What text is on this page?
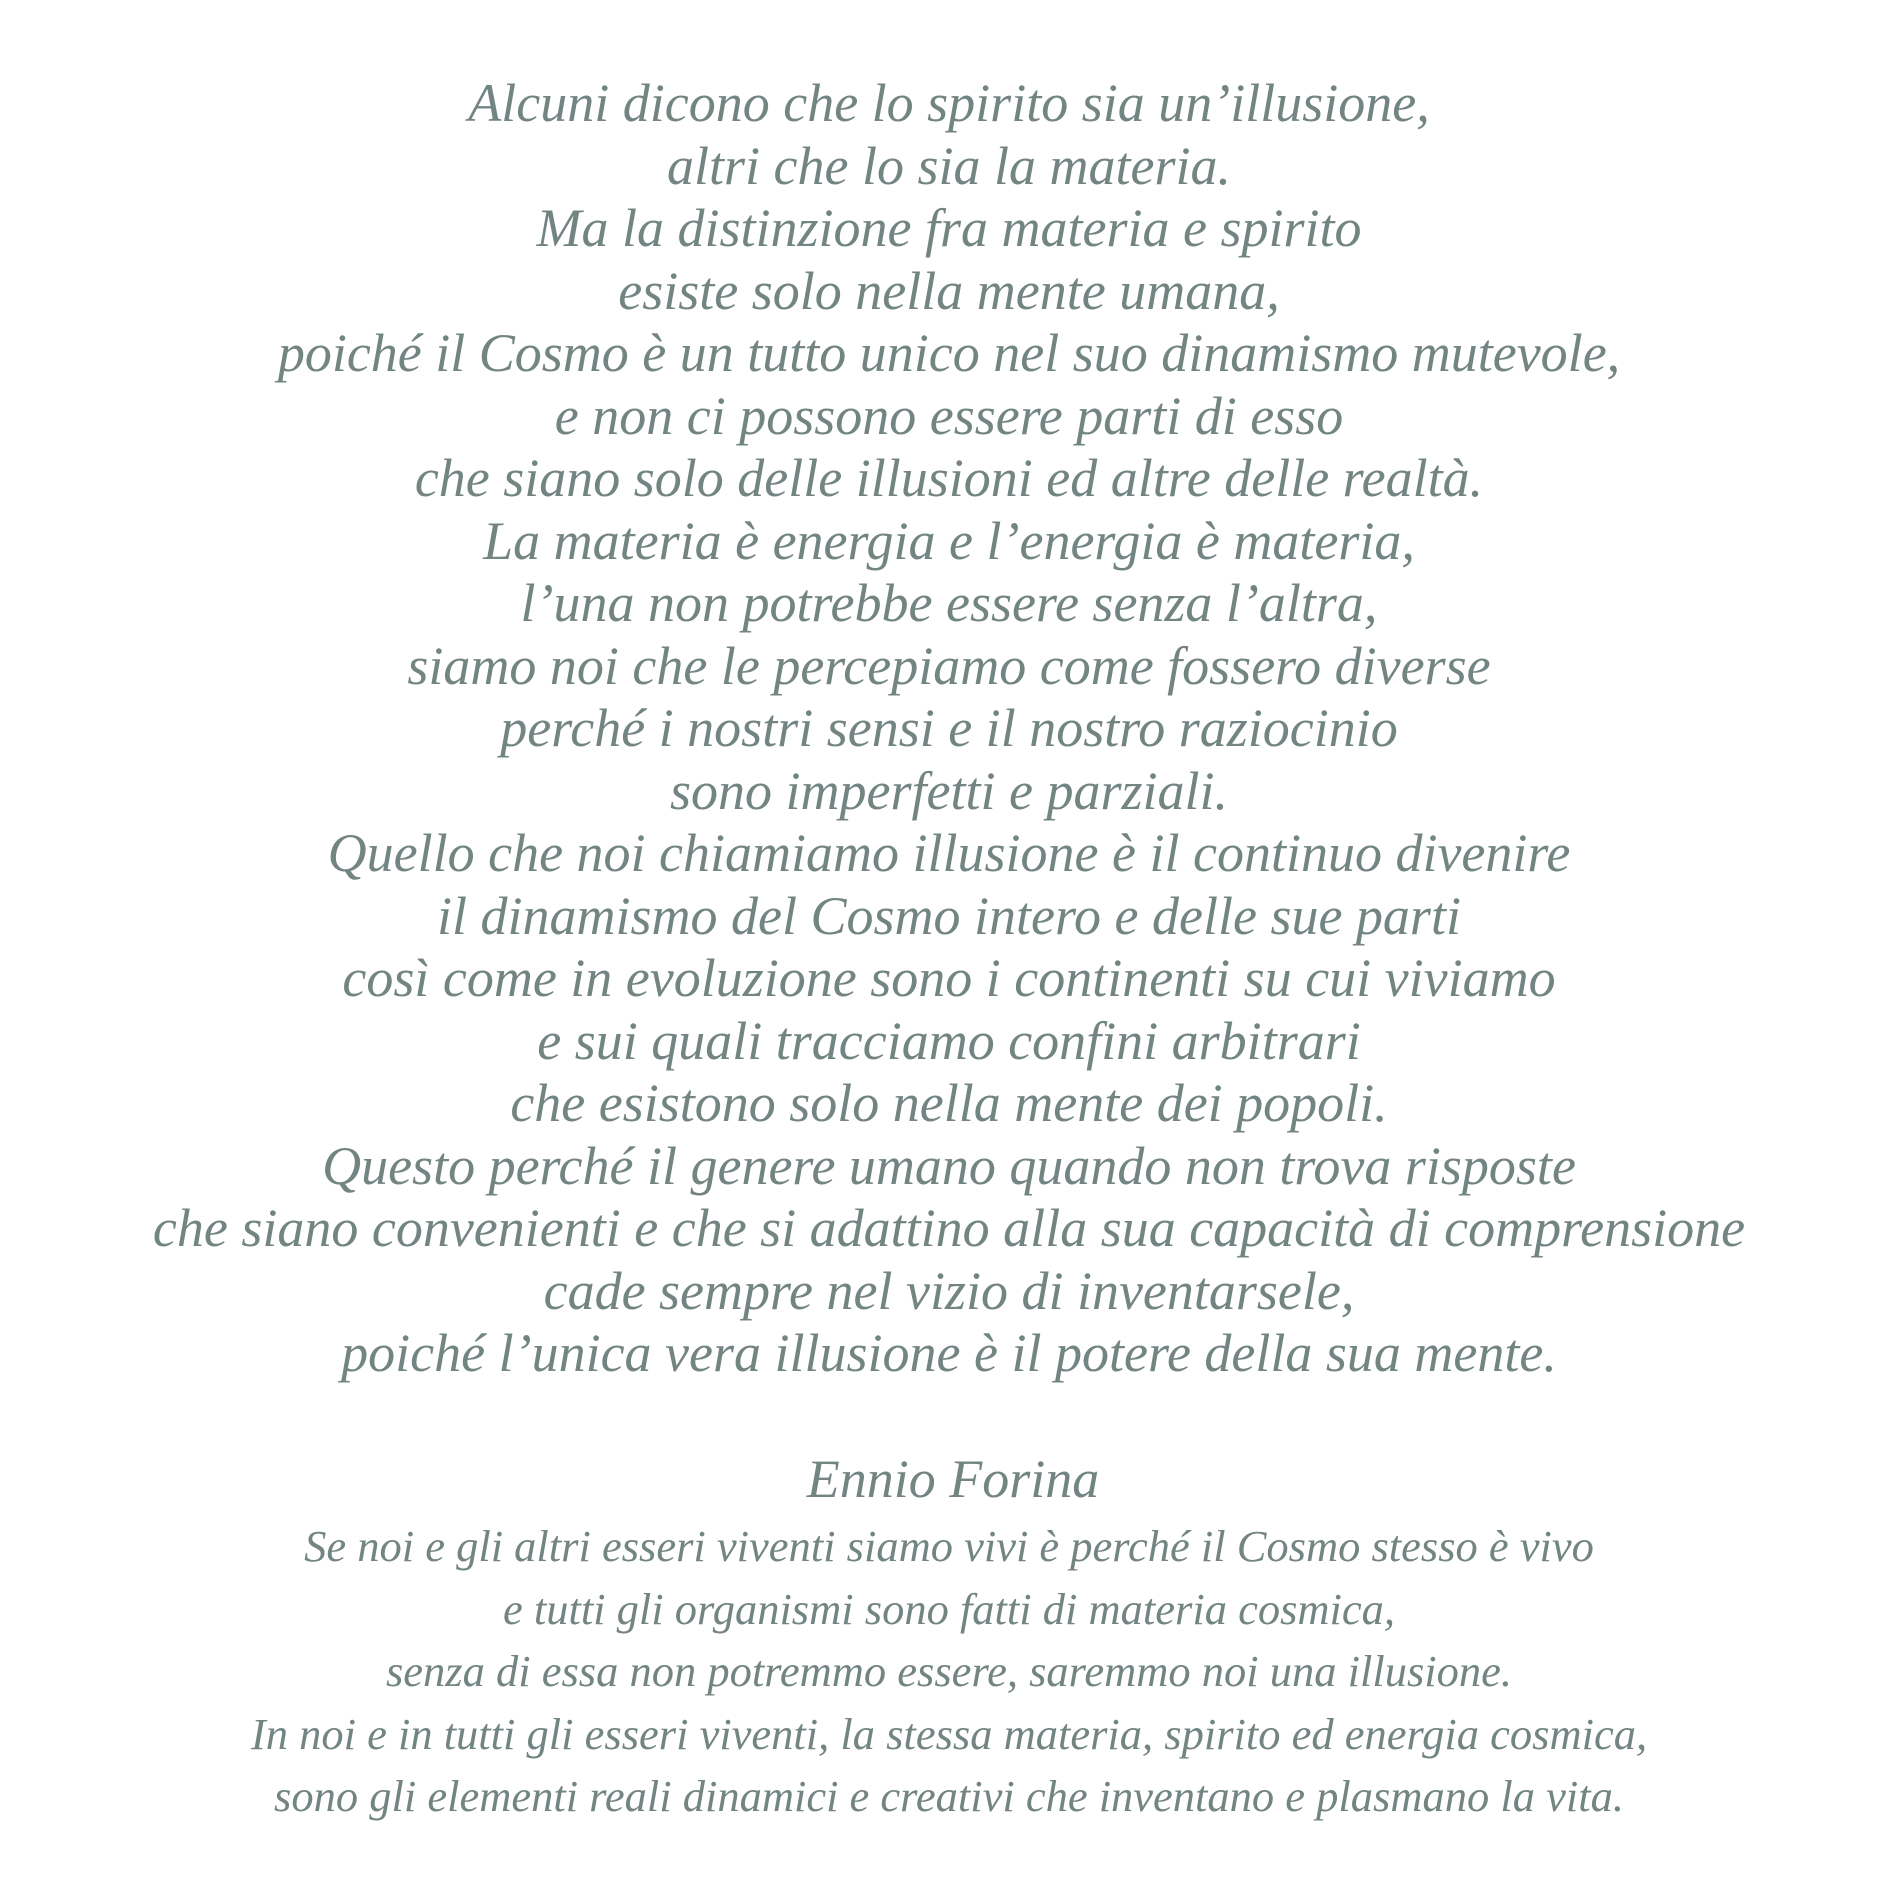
Alcuni dicono che lo spirito sia un’illusione,
altri che lo sia la materia.
Ma la distinzione fra materia e spirito
esiste solo nella mente umana,
poiché il Cosmo è un tutto unico nel suo dinamismo mutevole,
e non ci possono essere parti di esso
che siano solo delle illusioni ed altre delle realtà.
La materia è energia e l’energia è materia,
l’una non potrebbe essere senza l’altra,
siamo noi che le percepiamo come fossero diverse
perché i nostri sensi e il nostro raziocinio
sono imperfetti e parziali.
Quello che noi chiamiamo illusione è il continuo divenire
il dinamismo del Cosmo intero e delle sue parti
così come in evoluzione sono i continenti su cui viviamo
e sui quali tracciamo confini arbitrari
che esistono solo nella mente dei popoli.
Questo perché il genere umano quando non trova risposte
che siano convenienti e che si adattino alla sua capacità di comprensione
cade sempre nel vizio di inventarsele,
poiché l’unica vera illusione è il potere della sua mente.
Ennio Forina
Se noi e gli altri esseri viventi siamo vivi è perché il Cosmo stesso è vivo
e tutti gli organismi sono fatti di materia cosmica,
senza di essa non potremmo essere, saremmo noi una illusione.
In noi e in tutti gli esseri viventi, la stessa materia, spirito ed energia cosmica,
sono gli elementi reali dinamici e creativi che inventano e plasmano la vita.
